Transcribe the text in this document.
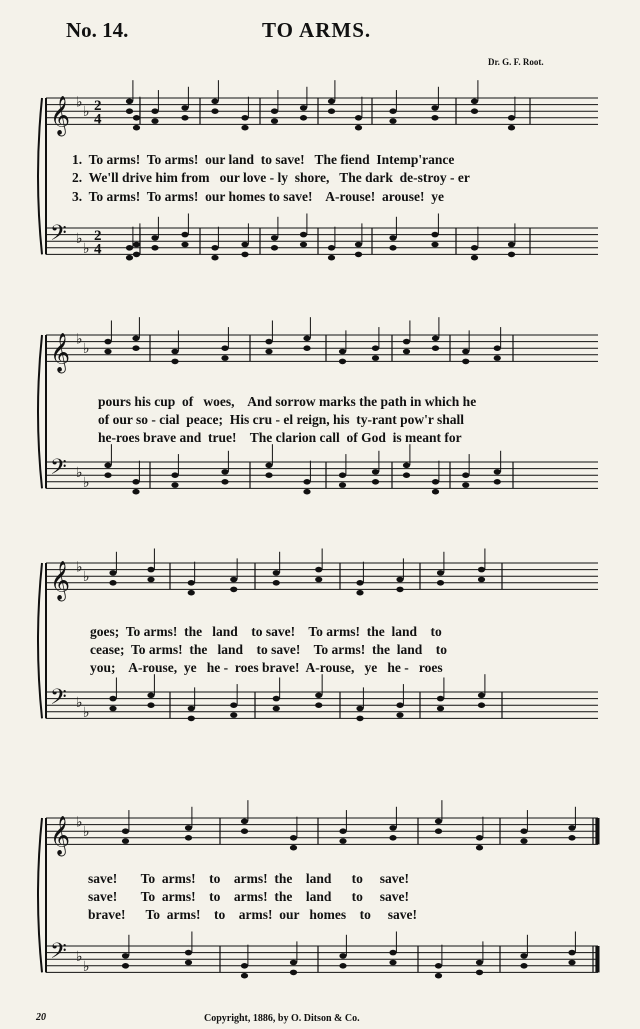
No. 14.	TO ARMS.
Dr. G. F. Root.
𝄞 ♭
♭ 2
4
𝄢 ♭
♭
2
4
𝄞 ♭
♭
𝄢 ♭
♭
𝄞 ♭
♭
𝄢 ♭
♭
𝄞 ♭
♭
𝄢 ♭
♭
1.  To arms!  To arms!  our land  to save!   The fiend  Intemp'rance
2.  We'll drive him from   our love - ly  shore,   The dark  de-stroy - er
3.  To arms!  To arms!  our homes to save!    A-rouse!  arouse!  ye
pours his cup  of   woes,    And sorrow marks the path in which he
of our so - cial  peace;  His cru - el reign, his  ty-rant pow'r shall
he-roes brave and  true!    The clarion call  of God  is meant for
goes;  To arms!  the   land    to save!    To arms!  the  land    to
cease;  To arms!  the   land    to save!    To arms!  the  land    to
you;    A-rouse,  ye   he -  roes brave!  A-rouse,   ye   he -   roes
save!       To  arms!    to    arms!  the    land      to     save!
save!       To  arms!    to    arms!  the    land      to     save!
brave!      To  arms!    to    arms!  our   homes    to     save!
20	Copyright, 1886, by O. Ditson & Co.
